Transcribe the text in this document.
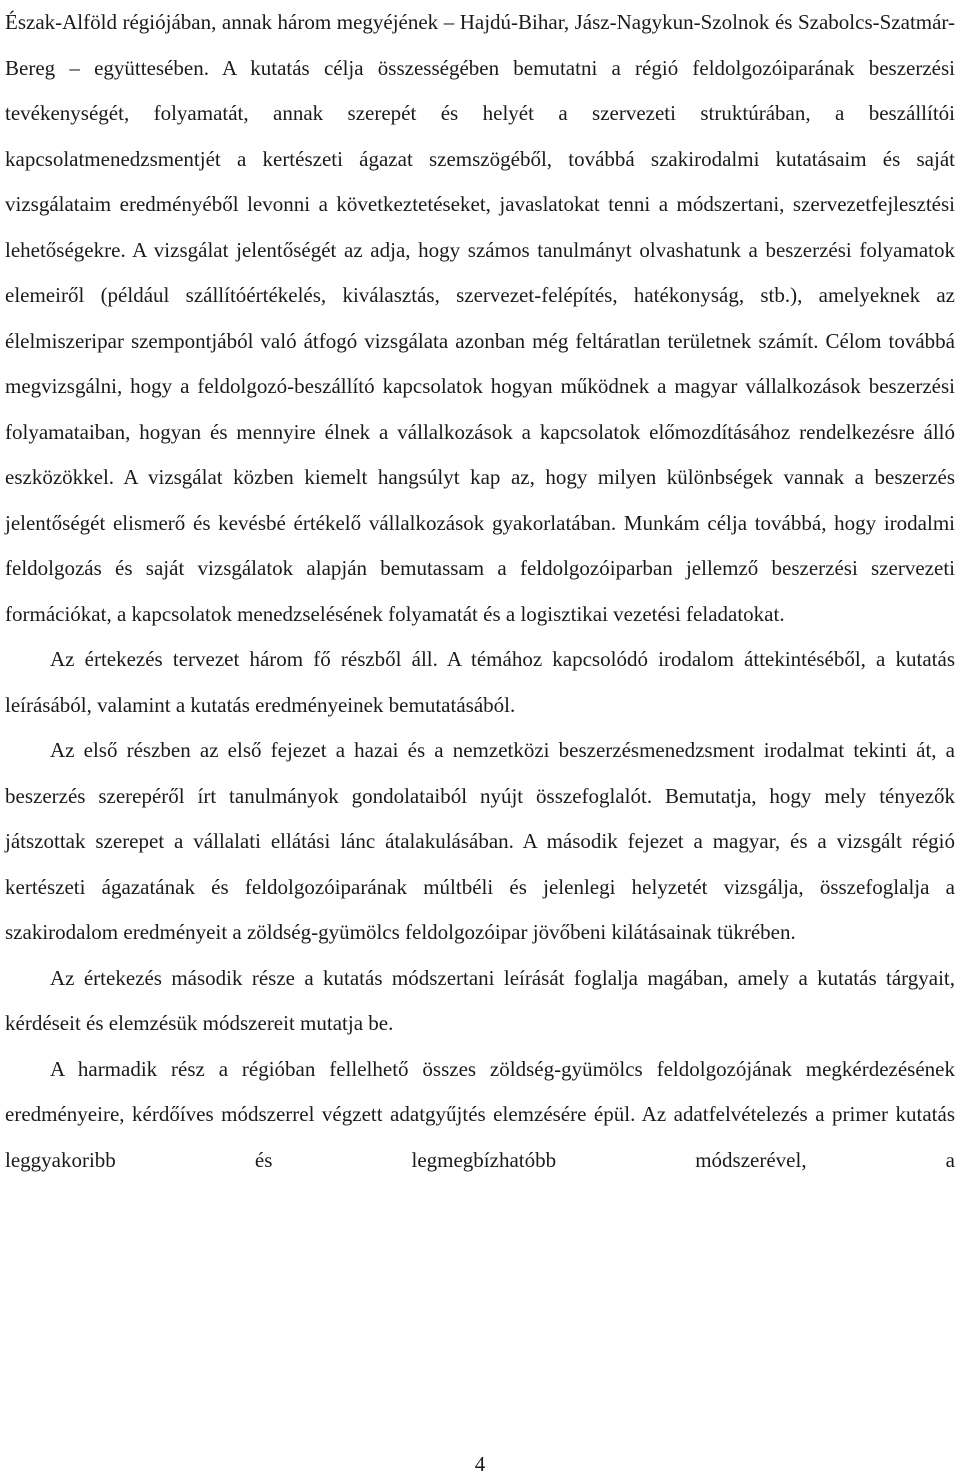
Észak-Alföld régiójában, annak három megyéjének – Hajdú-Bihar, Jász-Nagykun-Szolnok és Szabolcs-Szatmár-Bereg – együttesében. A kutatás célja összességében bemutatni a régió feldolgozóiparának beszerzési tevékenységét, folyamatát, annak szerepét és helyét a szervezeti struktúrában, a beszállítói kapcsolatmenedzsmentjét a kertészeti ágazat szemszögéből, továbbá szakirodalmi kutatásaim és saját vizsgálataim eredményéből levonni a következtetéseket, javaslatokat tenni a módszertani, szervezetfejlesztési lehetőségekre. A vizsgálat jelentőségét az adja, hogy számos tanulmányt olvashatunk a beszerzési folyamatok elemeiről (például szállítóértékelés, kiválasztás, szervezet-felépítés, hatékonyság, stb.), amelyeknek az élelmiszeripar szempontjából való átfogó vizsgálata azonban még feltáratlan területnek számít. Célom továbbá megvizsgálni, hogy a feldolgozó-beszállító kapcsolatok hogyan működnek a magyar vállalkozások beszerzési folyamataiban, hogyan és mennyire élnek a vállalkozások a kapcsolatok előmozdításához rendelkezésre álló eszközökkel. A vizsgálat közben kiemelt hangsúlyt kap az, hogy milyen különbségek vannak a beszerzés jelentőségét elismerő és kevésbé értékelő vállalkozások gyakorlatában. Munkám célja továbbá, hogy irodalmi feldolgozás és saját vizsgálatok alapján bemutassam a feldolgozóiparban jellemző beszerzési szervezeti formációkat, a kapcsolatok menedzselésének folyamatát és a logisztikai vezetési feladatokat.

Az értekezés tervezet három fő részből áll. A témához kapcsolódó irodalom áttekintéséből, a kutatás leírásából, valamint a kutatás eredményeinek bemutatásából.

Az első részben az első fejezet a hazai és a nemzetközi beszerzésmenedzsment irodalmat tekinti át, a beszerzés szerepéről írt tanulmányok gondolataiból nyújt összefoglalót. Bemutatja, hogy mely tényezők játszottak szerepet a vállalati ellátási lánc átalakulásában. A második fejezet a magyar, és a vizsgált régió kertészeti ágazatának és feldolgozóiparának múltbéli és jelenlegi helyzetét vizsgálja, összefoglalja a szakirodalom eredményeit a zöldség-gyümölcs feldolgozóipar jövőbeni kilátásainak tükrében.

Az értekezés második része a kutatás módszertani leírását foglalja magában, amely a kutatás tárgyait, kérdéseit és elemzésük módszereit mutatja be.

A harmadik rész a régióban fellelhető összes zöldség-gyümölcs feldolgozójának megkérdezésének eredményeire, kérdőíves módszerrel végzett adatgyűjtés elemzésére épül. Az adatfelvételezés a primer kutatás leggyakoribb és legmegbízhatóbb módszerével, a

4
